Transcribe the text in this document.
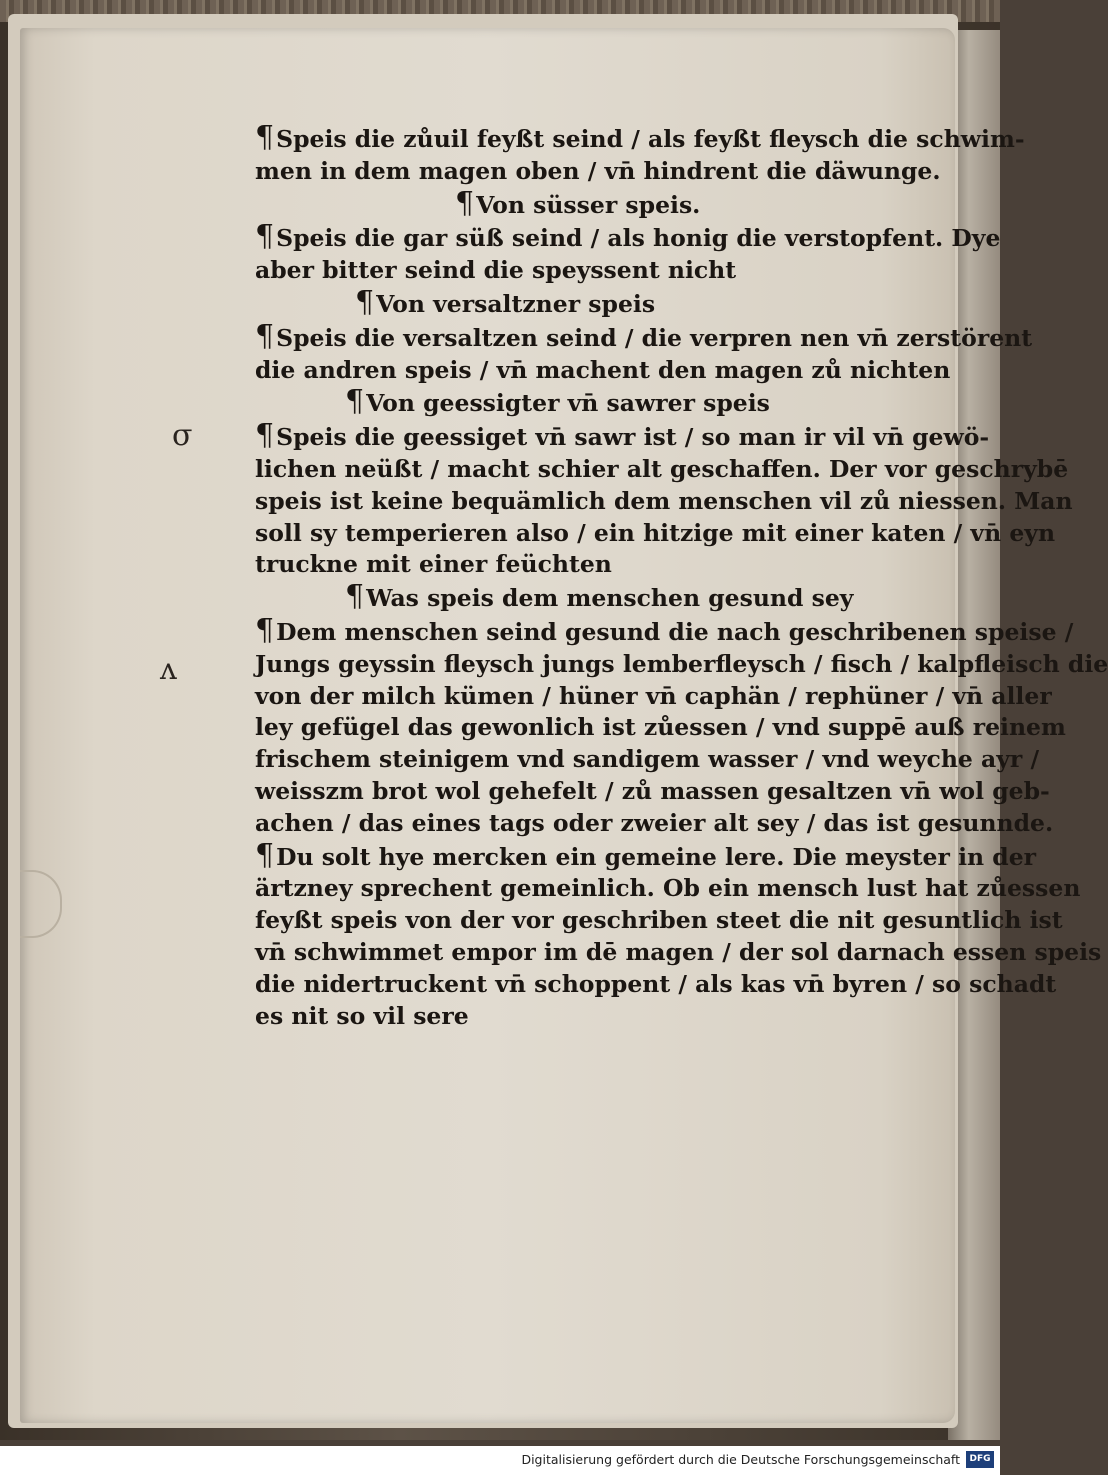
σ
ʌ
¶Speis die zůuil feyßt seind / als feyßt fleysch die schwim-
men in dem magen oben / vn̄ hindrent die däwunge.
¶Von süsser speis.
¶Speis die gar süß seind / als honig die verstopfent. Dye
aber bitter seind die speyssent nicht
¶Von versaltzner speis
¶Speis die versaltzen seind / die verpren nen vn̄ zerstörent
die andren speis / vn̄ machent den magen zů nichten
¶Von geessigter vn̄ sawrer speis
¶Speis die geessiget vn̄ sawr ist / so man ir vil vn̄ gewö-
lichen neüßt / macht schier alt geschaffen. Der vor geschrybē
speis ist keine bequämlich dem menschen vil zů niessen. Man
soll sy temperieren also / ein hitzige mit einer katen / vn̄ eyn
truckne mit einer feüchten
¶Was speis dem menschen gesund sey
¶Dem menschen seind gesund die nach geschribenen speise /
Jungs geyssin fleysch jungs lemberfleysch / fisch / kalpfleisch die
von der milch kümen / hüner vn̄ caphän / rephüner / vn̄ aller
ley gefügel das gewonlich ist zůessen / vnd suppē auß reinem
frischem steinigem vnd sandigem wasser / vnd weyche ayr /
weisszm brot wol gehefelt / zů massen gesaltzen vn̄ wol geb-
achen / das eines tags oder zweier alt sey / das ist gesunnde.
¶Du solt hye mercken ein gemeine lere. Die meyster in der
ärtzney sprechent gemeinlich. Ob ein mensch lust hat zůessen
feyßt speis von der vor geschriben steet die nit gesuntlich ist
vn̄ schwimmet empor im dē magen / der sol darnach essen speis
die nidertruckent vn̄ schoppent / als kas vn̄ byren / so schadt
es nit so vil sere
Digitalisierung gefördert durch die Deutsche Forschungsgemeinschaft	DFG
